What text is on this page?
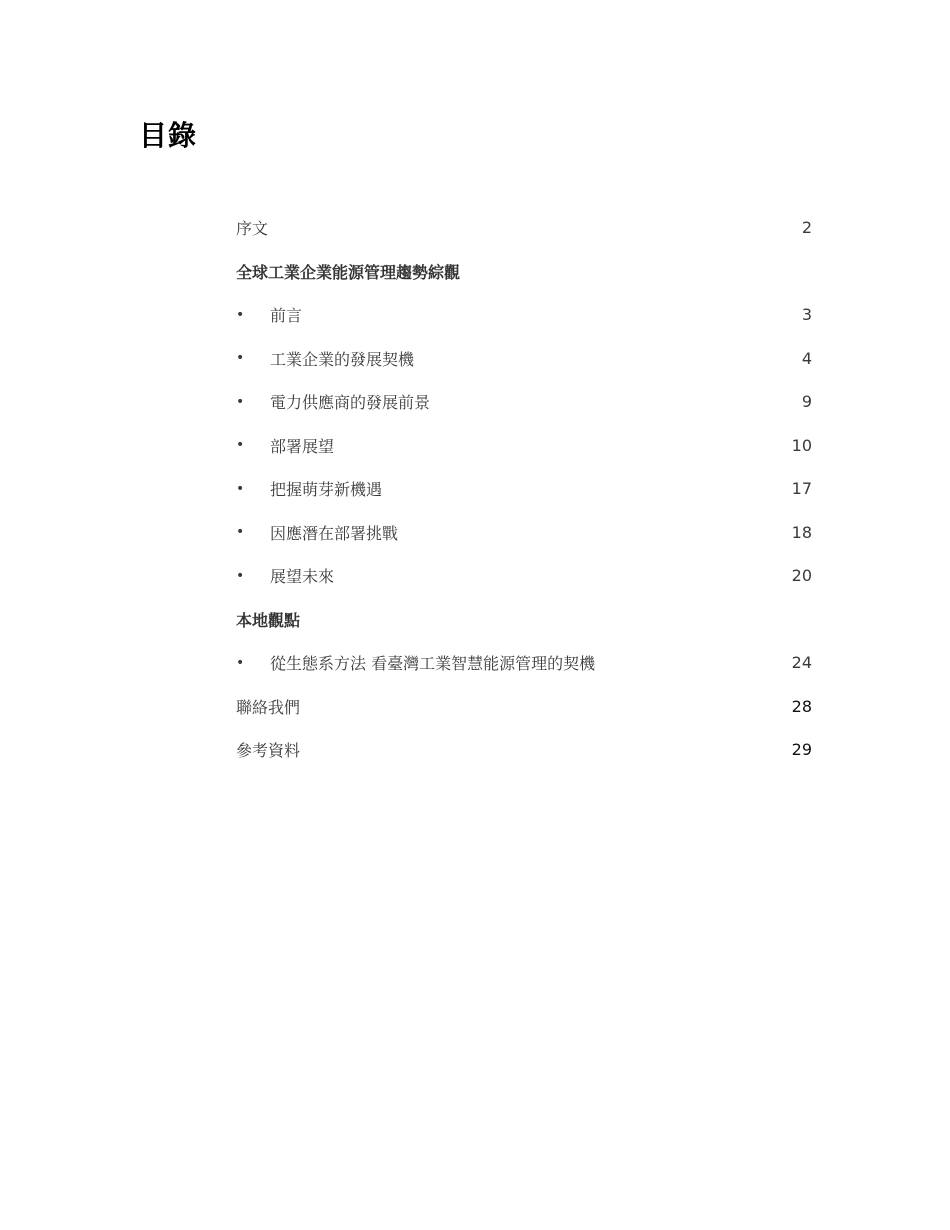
目錄
序文	2
全球工業企業能源管理趨勢綜觀
•	前言	3
•	工業企業的發展契機	4
•	電力供應商的發展前景	9
•	部署展望	10
•	把握萌芽新機遇	17
•	因應潛在部署挑戰	18
•	展望未來	20
本地觀點
•	從生態系方法 看臺灣工業智慧能源管理的契機	24
聯絡我們	28
參考資料	29
